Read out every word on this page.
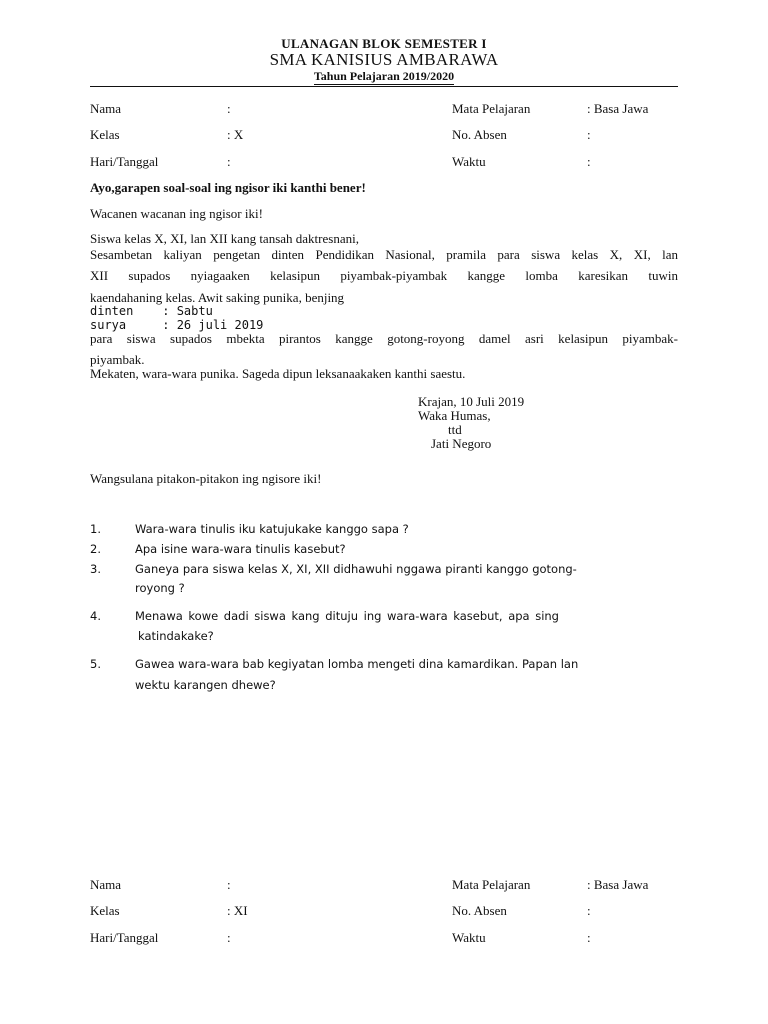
ULANAGAN BLOK SEMESTER I
SMA KANISIUS AMBARAWA
Tahun Pelajaran 2019/2020
Nama	:	Mata Pelajaran	: Basa Jawa
Kelas	: X	No. Absen	:
Hari/Tanggal	:	Waktu	:
Ayo,garapen soal-soal ing ngisor iki kanthi bener!
Wacanen wacanan ing ngisor iki!
Siswa kelas X, XI, lan XII kang tansah daktresnani,
Sesambetan kaliyan pengetan dinten Pendidikan Nasional, pramila para siswa kelas X, XI, lan
XII supados nyiagaaken kelasipun piyambak-piyambak kangge lomba karesikan tuwin
kaendahaning kelas. Awit saking punika, benjing
dinten    : Sabtu
surya     : 26 juli 2019
para siswa supados mbekta pirantos kangge gotong-royong damel asri kelasipun piyambak-
piyambak.
Mekaten, wara-wara punika. Sageda dipun leksanaakaken kanthi saestu.
Krajan, 10 Juli 2019
Waka Humas,
ttd
Jati Negoro
Wangsulana pitakon-pitakon ing ngisore iki!
1.	Wara-wara tinulis iku katujukake kanggo sapa ?
2.	Apa isine wara-wara tinulis kasebut?
3.	Ganeya para siswa kelas X, XI, XII didhawuhi nggawa piranti kanggo gotong-
royong ?
4.	Menawa kowe dadi siswa kang dituju ing wara-wara kasebut, apa sing
katindakake?
5.	Gawea wara-wara bab kegiyatan lomba mengeti dina kamardikan. Papan lan
wektu karangen dhewe?
Nama	:	Mata Pelajaran	: Basa Jawa
Kelas	: XI	No. Absen	:
Hari/Tanggal	:	Waktu	:
